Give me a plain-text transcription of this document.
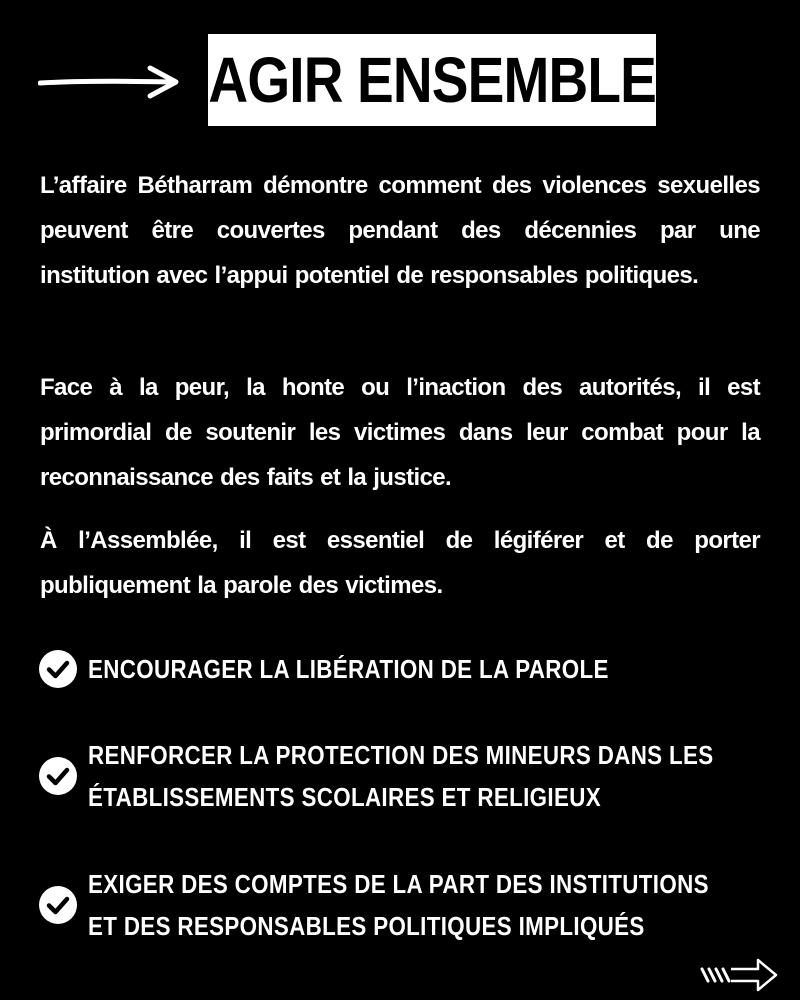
AGIR ENSEMBLE
L’affaire Bétharram démontre comment des violences sexuelles peuvent être couvertes pendant des décennies par une institution avec l’appui potentiel de responsables politiques.
Face à la peur, la honte ou l’inaction des autorités, il est primordial de soutenir les victimes dans leur combat pour la reconnaissance des faits et la justice.
À l’Assemblée, il est essentiel de légiférer et de porter publiquement la parole des victimes.
ENCOURAGER LA LIBÉRATION DE LA PAROLE
RENFORCER LA PROTECTION DES MINEURS DANS LES
ÉTABLISSEMENTS SCOLAIRES ET RELIGIEUX
EXIGER DES COMPTES DE LA PART DES INSTITUTIONS
ET DES RESPONSABLES POLITIQUES IMPLIQUÉS
